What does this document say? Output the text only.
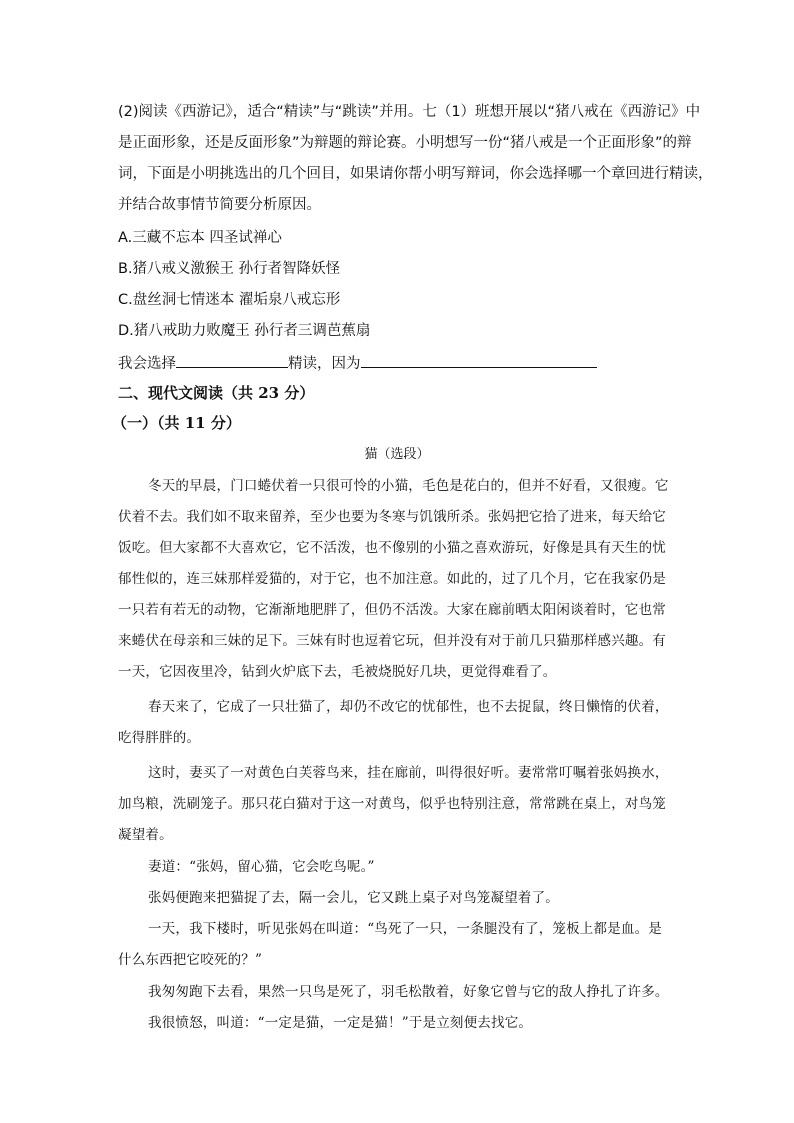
(2)阅读《西游记》，适合“精读”与“跳读”并用。七（1）班想开展以“猪八戒在《西游记》中
是正面形象，还是反面形象”为辩题的辩论赛。小明想写一份“猪八戒是一个正面形象”的辩
词，下面是小明挑选出的几个回目，如果请你帮小明写辩词，你会选择哪一个章回进行精读，
并结合故事情节简要分析原因。
A.三藏不忘本 四圣试禅心
B.猪八戒义激猴王 孙行者智降妖怪
C.盘丝洞七情迷本 濯垢泉八戒忘形
D.猪八戒助力败魔王 孙行者三调芭蕉扇
我会选择	精读，因为
二、现代文阅读（共 23 分）
（一）（共 11 分）
猫（选段）
冬天的早晨，门口蜷伏着一只很可怜的小猫，毛色是花白的，但并不好看，又很瘦。它
伏着不去。我们如不取来留养，至少也要为冬寒与饥饿所杀。张妈把它拾了进来，每天给它
饭吃。但大家都不大喜欢它，它不活泼，也不像别的小猫之喜欢游玩，好像是具有天生的忧
郁性似的，连三妹那样爱猫的，对于它，也不加注意。如此的，过了几个月，它在我家仍是
一只若有若无的动物，它渐渐地肥胖了，但仍不活泼。大家在廊前晒太阳闲谈着时，它也常
来蜷伏在母亲和三妹的足下。三妹有时也逗着它玩，但并没有对于前几只猫那样感兴趣。有
一天，它因夜里冷，钻到火炉底下去，毛被烧脱好几块，更觉得难看了。
春天来了，它成了一只壮猫了，却仍不改它的忧郁性，也不去捉鼠，终日懒惰的伏着，
吃得胖胖的。
这时，妻买了一对黄色白芙蓉鸟来，挂在廊前，叫得很好听。妻常常叮嘱着张妈换水，
加鸟粮，洗刷笼子。那只花白猫对于这一对黄鸟，似乎也特别注意，常常跳在桌上，对鸟笼
凝望着。
妻道：“张妈，留心猫，它会吃鸟呢。”
张妈便跑来把猫捉了去，隔一会儿，它又跳上桌子对鸟笼凝望着了。
一天，我下楼时，听见张妈在叫道：“鸟死了一只，一条腿没有了，笼板上都是血。是
什么东西把它咬死的？”
我匆匆跑下去看，果然一只鸟是死了，羽毛松散着，好象它曾与它的敌人挣扎了许多。
我很愤怒，叫道：“一定是猫，一定是猫！”于是立刻便去找它。
